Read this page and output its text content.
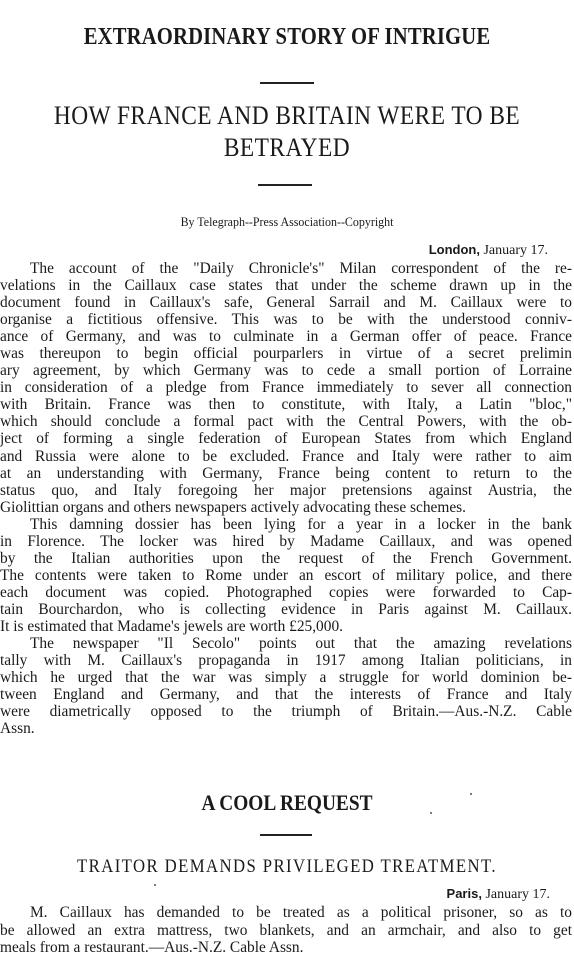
EXTRAORDINARY STORY OF INTRIGUE
HOW FRANCE AND BRITAIN WERE TO BE BETRAYED
By Telegraph--Press Association--Copyright
London, January 17.
The account of the "Daily Chronicle's" Milan correspondent of the re-
velations in the Caillaux case states that under the scheme drawn up in the
document found in Caillaux's safe, General Sarrail and M. Caillaux were to
organise a fictitious offensive. This was to be with the understood conniv-
ance of Germany, and was to culminate in a German offer of peace. France
was thereupon to begin official pourparlers in virtue of a secret prelimin
ary agreement, by which Germany was to cede a small portion of Lorraine
in consideration of a pledge from France immediately to sever all connection
with Britain. France was then to constitute, with Italy, a Latin "bloc,"
which should conclude a formal pact with the Central Powers, with the ob-
ject of forming a single federation of European States from which England
and Russia were alone to be excluded. France and Italy were rather to aim
at an understanding with Germany, France being content to return to the
status quo, and Italy foregoing her major pretensions against Austria, the
Giolittian organs and others newspapers actively advocating these schemes.
This damning dossier has been lying for a year in a locker in the bank
in Florence. The locker was hired by Madame Caillaux, and was opened
by the Italian authorities upon the request of the French Government.
The contents were taken to Rome under an escort of military police, and there
each document was copied. Photographed copies were forwarded to Cap-
tain Bourchardon, who is collecting evidence in Paris against M. Caillaux.
It is estimated that Madame's jewels are worth £25,000.
The newspaper "Il Secolo" points out that the amazing revelations
tally with M. Caillaux's propaganda in 1917 among Italian politicians, in
which he urged that the war was simply a struggle for world dominion be-
tween England and Germany, and that the interests of France and Italy
were diametrically opposed to the triumph of Britain.—Aus.-N.Z. Cable
Assn.
A COOL REQUEST
TRAITOR DEMANDS PRIVILEGED TREATMENT.
Paris, January 17.
M. Caillaux has demanded to be treated as a political prisoner, so as to
be allowed an extra mattress, two blankets, and an armchair, and also to get
meals from a restaurant.—Aus.-N.Z. Cable Assn.
